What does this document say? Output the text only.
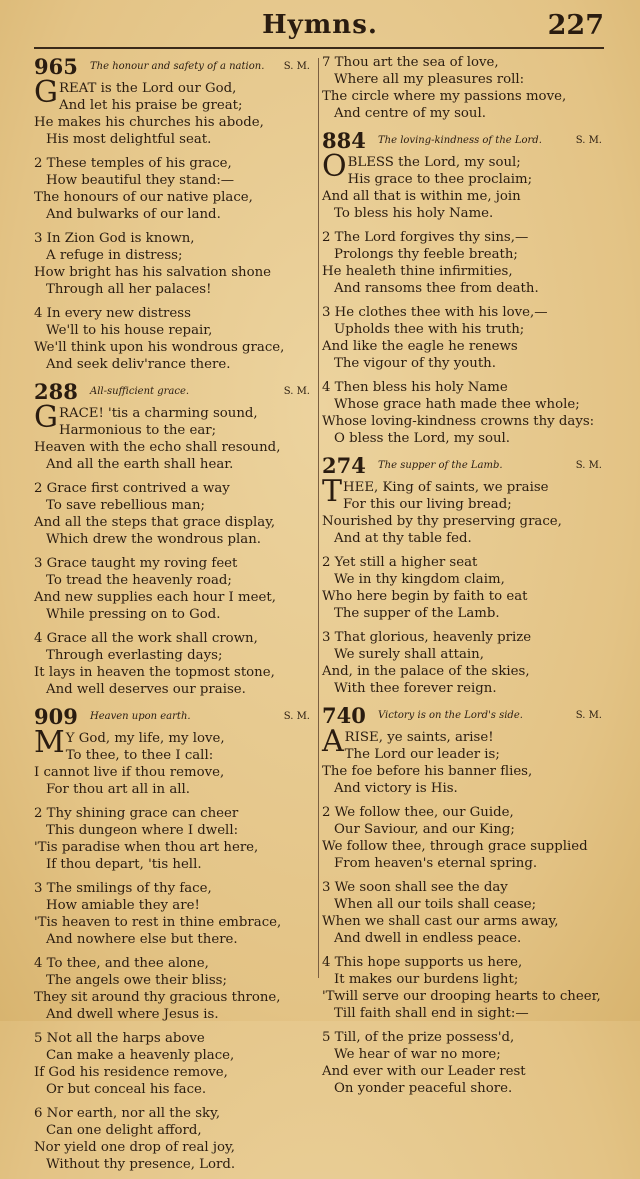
Hymns.	227
965 The honour and safety of a nation. S. M.
GREAT is the Lord our God,
And let his praise be great;
He makes his churches his abode,
His most delightful seat.
2 These temples of his grace,
How beautiful they stand:—
The honours of our native place,
And bulwarks of our land.
3 In Zion God is known,
A refuge in distress;
How bright has his salvation shone
Through all her palaces!
4 In every new distress
We'll to his house repair,
We'll think upon his wondrous grace,
And seek deliv'rance there.
288 All-sufficient grace.	S. M.
GRACE! 'tis a charming sound,
Harmonious to the ear;
Heaven with the echo shall resound,
And all the earth shall hear.
2 Grace first contrived a way
To save rebellious man;
And all the steps that grace display,
Which drew the wondrous plan.
3 Grace taught my roving feet
To tread the heavenly road;
And new supplies each hour I meet,
While pressing on to God.
4 Grace all the work shall crown,
Through everlasting days;
It lays in heaven the topmost stone,
And well deserves our praise.
909 Heaven upon earth.	S. M.
M Y God, my life, my love,
To thee, to thee I call:
I cannot live if thou remove,
For thou art all in all.
2 Thy shining grace can cheer
This dungeon where I dwell:
'Tis paradise when thou art here,
If thou depart, 'tis hell.
3 The smilings of thy face,
How amiable they are!
'Tis heaven to rest in thine embrace,
And nowhere else but there.
4 To thee, and thee alone,
The angels owe their bliss;
They sit around thy gracious throne,
And dwell where Jesus is.
5 Not all the harps above
Can make a heavenly place,
If God his residence remove,
Or but conceal his face.
6 Nor earth, nor all the sky,
Can one delight afford,
Nor yield one drop of real joy,
Without thy presence, Lord.
7 Thou art the sea of love,
Where all my pleasures roll:
The circle where my passions move,
And centre of my soul.
884 The loving-kindness of the Lord.	S. M.
OBLESS the Lord, my soul;
His grace to thee proclaim;
And all that is within me, join
To bless his holy Name.
2 The Lord forgives thy sins,—
Prolongs thy feeble breath;
He healeth thine infirmities,
And ransoms thee from death.
3 He clothes thee with his love,—
Upholds thee with his truth;
And like the eagle he renews
The vigour of thy youth.
4 Then bless his holy Name
Whose grace hath made thee whole;
Whose loving-kindness crowns thy days:
O bless the Lord, my soul.
274 The supper of the Lamb.	S. M.
THEE, King of saints, we praise
For this our living bread;
Nourished by thy preserving grace,
And at thy table fed.
2 Yet still a higher seat
We in thy kingdom claim,
Who here begin by faith to eat
The supper of the Lamb.
3 That glorious, heavenly prize
We surely shall attain,
And, in the palace of the skies,
With thee forever reign.
740 Victory is on the Lord's side.	S. M.
ARISE, ye saints, arise!
The Lord our leader is;
The foe before his banner flies,
And victory is His.
2 We follow thee, our Guide,
Our Saviour, and our King;
We follow thee, through grace supplied
From heaven's eternal spring.
3 We soon shall see the day
When all our toils shall cease;
When we shall cast our arms away,
And dwell in endless peace.
4 This hope supports us here,
It makes our burdens light;
'Twill serve our drooping hearts to cheer,
Till faith shall end in sight:—
5 Till, of the prize possess'd,
We hear of war no more;
And ever with our Leader rest
On yonder peaceful shore.
